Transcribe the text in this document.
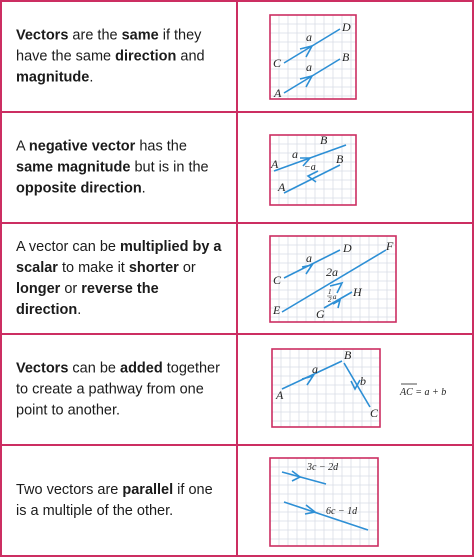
Vectors are the same if they have the same direction and magnitude.
D
C	B
A
a
a
A negative vector has the same magnitude but is in the opposite direction.
B
B
A
A
a
−a
A vector can be multiplied by a scalar to make it shorter or longer or reverse the direction.
D	F
C
E	G
H
a
2a
1
2 a
Vectors can be added together to create a pathway from one point to another.
A
B
C
a
b
AC = a + b
Two vectors are parallel if one is a multiple of the other.
3c − 2d
6c − 1d
